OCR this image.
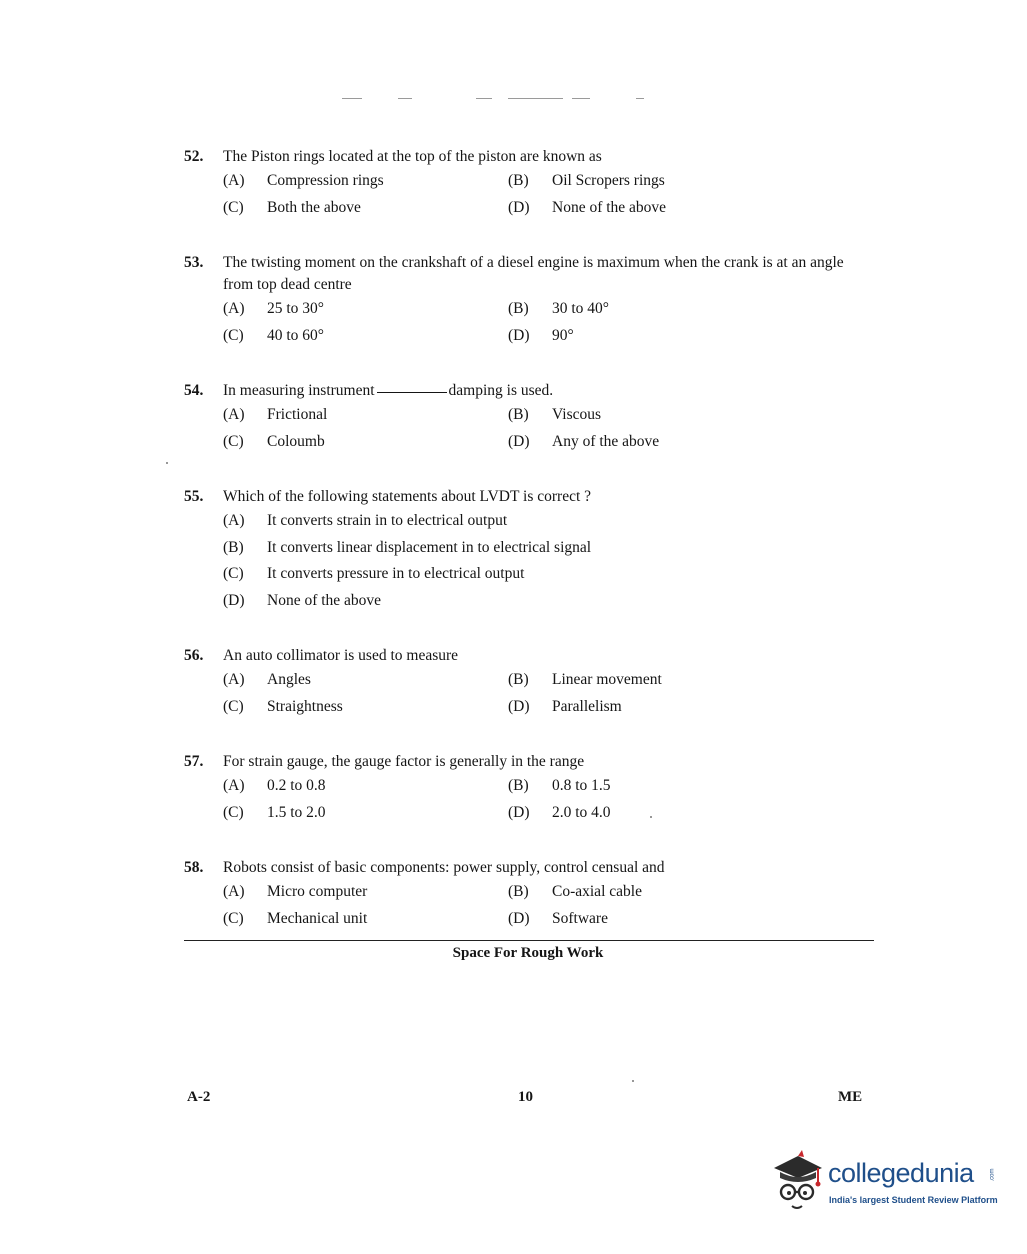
52.	The Piston rings located at the top of the piston are known as
(A)	Compression rings	(B)	Oil Scropers rings
(C)	Both the above	(D)	None of the above
53.	The twisting moment on the crankshaft of a diesel engine is maximum when the crank is at an angle from top dead centre
(A)	25 to 30°	(B)	30 to 40°
(C)	40 to 60°	(D)	90°
54.	In measuring instrument	damping is used.
(A)	Frictional	(B)	Viscous
(C)	Coloumb	(D)	Any of the above
55.	Which of the following statements about LVDT is correct ?
(A)	It converts strain in to electrical output
(B)	It converts linear displacement in to electrical signal
(C)	It converts pressure in to electrical output
(D)	None of the above
56.	An auto collimator is used to measure
(A)	Angles	(B)	Linear movement
(C)	Straightness	(D)	Parallelism
57.	For strain gauge, the gauge factor is generally in the range
(A)	0.2 to 0.8	(B)	0.8 to 1.5
(C)	1.5 to 2.0	(D)	2.0 to 4.0
58.	Robots consist of basic components: power supply, control censual and
(A)	Micro computer	(B)	Co-axial cable
(C)	Mechanical unit	(D)	Software
Space For Rough Work
A-2	10	ME
collegedunia	.com
India's largest Student Review Platform
